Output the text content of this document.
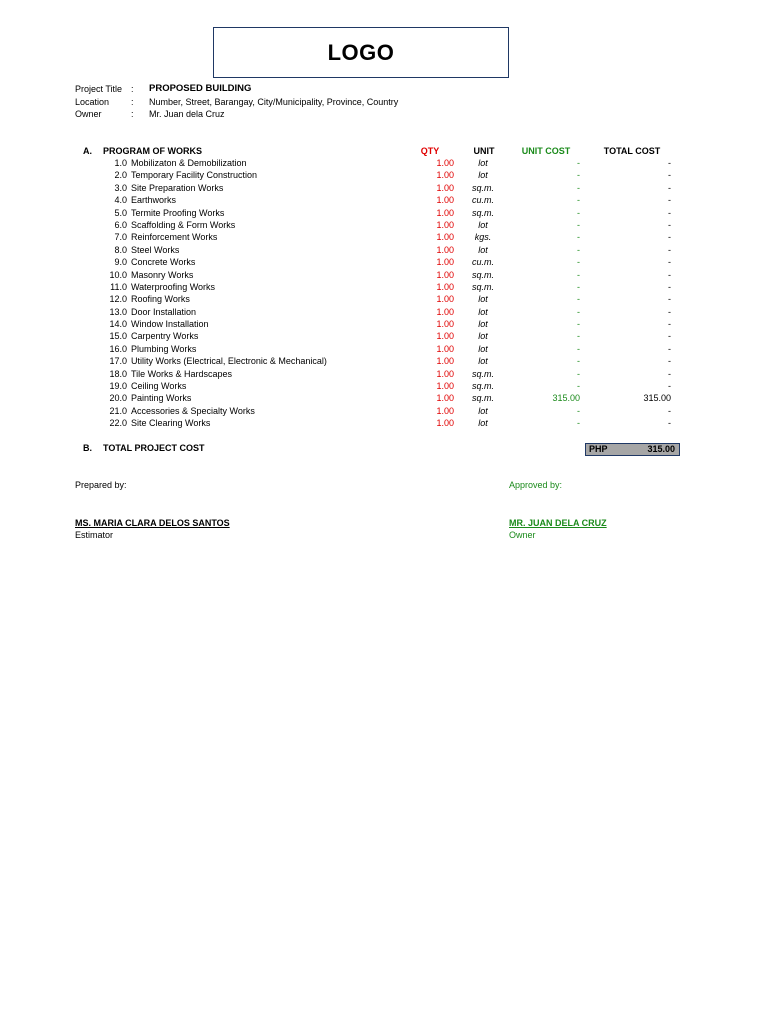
LOGO
Project Title :	PROPOSED BUILDING
Location	:	Number, Street, Barangay, City/Municipality, Province, Country
Owner	:	Mr. Juan dela Cruz
A. PROGRAM OF WORKS	QTY	UNIT	UNIT COST	TOTAL COST
1.0 Mobilizaton & Demobilization	1.00	lot	-	-
2.0 Temporary Facility Construction	1.00	lot	-	-
3.0 Site Preparation Works	1.00	sq.m.	-	-
4.0 Earthworks	1.00	cu.m.	-	-
5.0 Termite Proofing Works	1.00	sq.m.	-	-
6.0 Scaffolding & Form Works	1.00	lot	-	-
7.0 Reinforcement Works	1.00	kgs.	-	-
8.0 Steel Works	1.00	lot	-	-
9.0 Concrete Works	1.00	cu.m.	-	-
10.0 Masonry Works	1.00	sq.m.	-	-
11.0 Waterproofing Works	1.00	sq.m.	-	-
12.0 Roofing Works	1.00	lot	-	-
13.0 Door Installation	1.00	lot	-	-
14.0 Window Installation	1.00	lot	-	-
15.0 Carpentry Works	1.00	lot	-	-
16.0 Plumbing Works	1.00	lot	-	-
17.0 Utility Works (Electrical, Electronic & Mechanical)	1.00	lot	-	-
18.0 Tile Works & Hardscapes	1.00	sq.m.	-	-
19.0 Ceiling Works	1.00	sq.m.	-	-
20.0 Painting Works	1.00	sq.m.	315.00	315.00
21.0 Accessories & Specialty Works	1.00	lot	-	-
22.0 Site Clearing Works	1.00	lot	-	-
B. TOTAL PROJECT COST	PHP	315.00
Prepared by:
MS. MARIA CLARA DELOS SANTOS
Estimator
Approved by:
MR. JUAN DELA CRUZ
Owner
